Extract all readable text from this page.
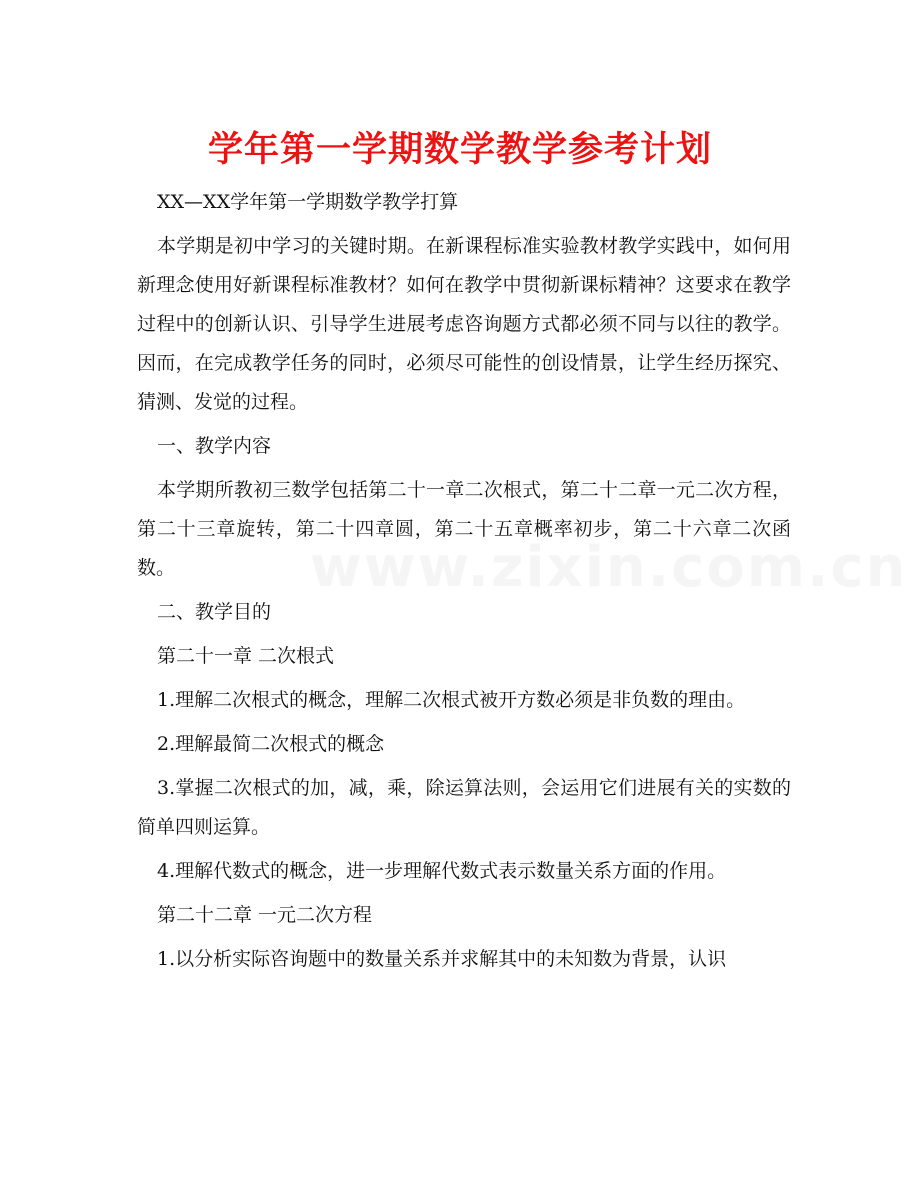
www.zixin.com.cn
学年第一学期数学教学参考计划

XX—XX学年第一学期数学教学打算

本学期是初中学习的关键时期。在新课程标准实验教材教学实践中，如何用新理念使用好新课程标准教材？如何在教学中贯彻新课标精神？这要求在教学过程中的创新认识、引导学生进展考虑咨询题方式都必须不同与以往的教学。因而，在完成教学任务的同时，必须尽可能性的创设情景，让学生经历探究、猜测、发觉的过程。

一、教学内容

本学期所教初三数学包括第二十一章二次根式，第二十二章一元二次方程，第二十三章旋转，第二十四章圆，第二十五章概率初步，第二十六章二次函数。

二、教学目的

第二十一章 二次根式

1.理解二次根式的概念，理解二次根式被开方数必须是非负数的理由。

2.理解最简二次根式的概念

3.掌握二次根式的加，减，乘，除运算法则，会运用它们进展有关的实数的简单四则运算。

4.理解代数式的概念，进一步理解代数式表示数量关系方面的作用。

第二十二章 一元二次方程

1.以分析实际咨询题中的数量关系并求解其中的未知数为背景，认识
